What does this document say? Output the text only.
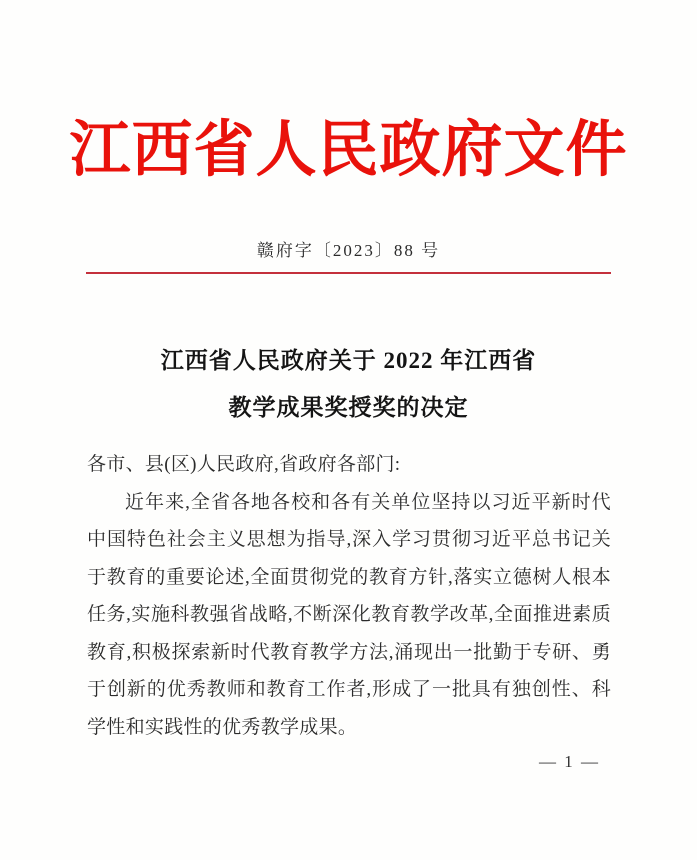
江西省人民政府文件
赣府字〔2023〕88 号
江西省人民政府关于 2022 年江西省
教学成果奖授奖的决定

各市、县(区)人民政府,省政府各部门:

近年来,全省各地各校和各有关单位坚持以习近平新时代中国特色社会主义思想为指导,深入学习贯彻习近平总书记关于教育的重要论述,全面贯彻党的教育方针,落实立德树人根本任务,实施科教强省战略,不断深化教育教学改革,全面推进素质教育,积极探索新时代教育教学方法,涌现出一批勤于专研、勇于创新的优秀教师和教育工作者,形成了一批具有独创性、科学性和实践性的优秀教学成果。

— 1 —
